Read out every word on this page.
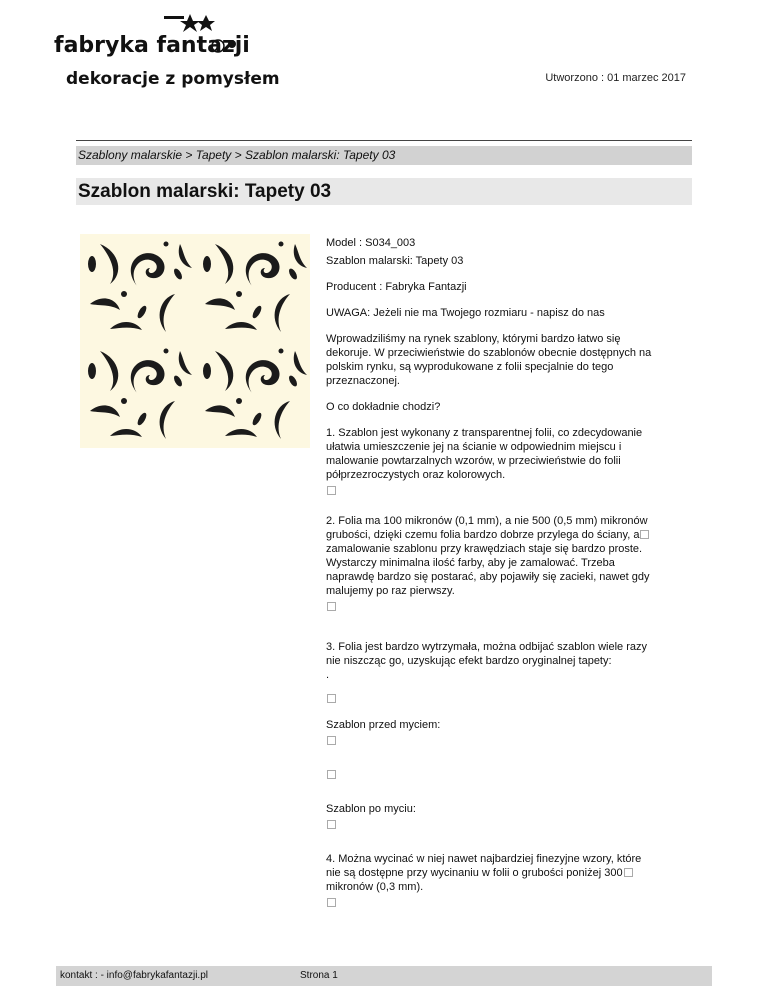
fabryka fantazji
dekoracje z pomysłem	Utworzono : 01 marzec 2017
Szablony malarskie > Tapety > Szablon malarski: Tapety 03
Szablon malarski: Tapety 03

Model : S034_003

Szablon malarski: Tapety 03

Producent : Fabryka Fantazji

UWAGA: Jeżeli nie ma Twojego rozmiaru - napisz do nas

Wprowadziliśmy na rynek szablony, którymi bardzo łatwo się dekoruje. W przeciwieństwie do szablonów obecnie dostępnych na polskim rynku, są wyprodukowane z folii specjalnie do tego przeznaczonej.

O co dokładnie chodzi?

1. Szablon jest wykonany z transparentnej folii, co zdecydowanie ułatwia umieszczenie jej na ścianie w odpowiednim miejscu i malowanie powtarzalnych wzorów, w przeciwieństwie do folii półprzezroczystych oraz kolorowych.

2. Folia ma 100 mikronów (0,1 mm), a nie 500 (0,5 mm) mikronów grubości, dzięki czemu folia bardzo dobrze przylega do ściany, a zamalowanie szablonu przy krawędziach staje się bardzo proste. Wystarczy minimalna ilość farby, aby je zamalować. Trzeba naprawdę bardzo się postarać, aby pojawiły się zacieki, nawet gdy malujemy po raz pierwszy.

3. Folia jest bardzo wytrzymała, można odbijać szablon wiele razy nie niszcząc go, uzyskując efekt bardzo oryginalnej tapety:

.

Szablon przed myciem:

Szablon po myciu:

4. Można wycinać w niej nawet najbardziej finezyjne wzory, które nie są dostępne przy wycinaniu w folii o grubości poniżej 300 mikronów (0,3 mm).

kontakt : - info@fabrykafantazji.pl	Strona 1
